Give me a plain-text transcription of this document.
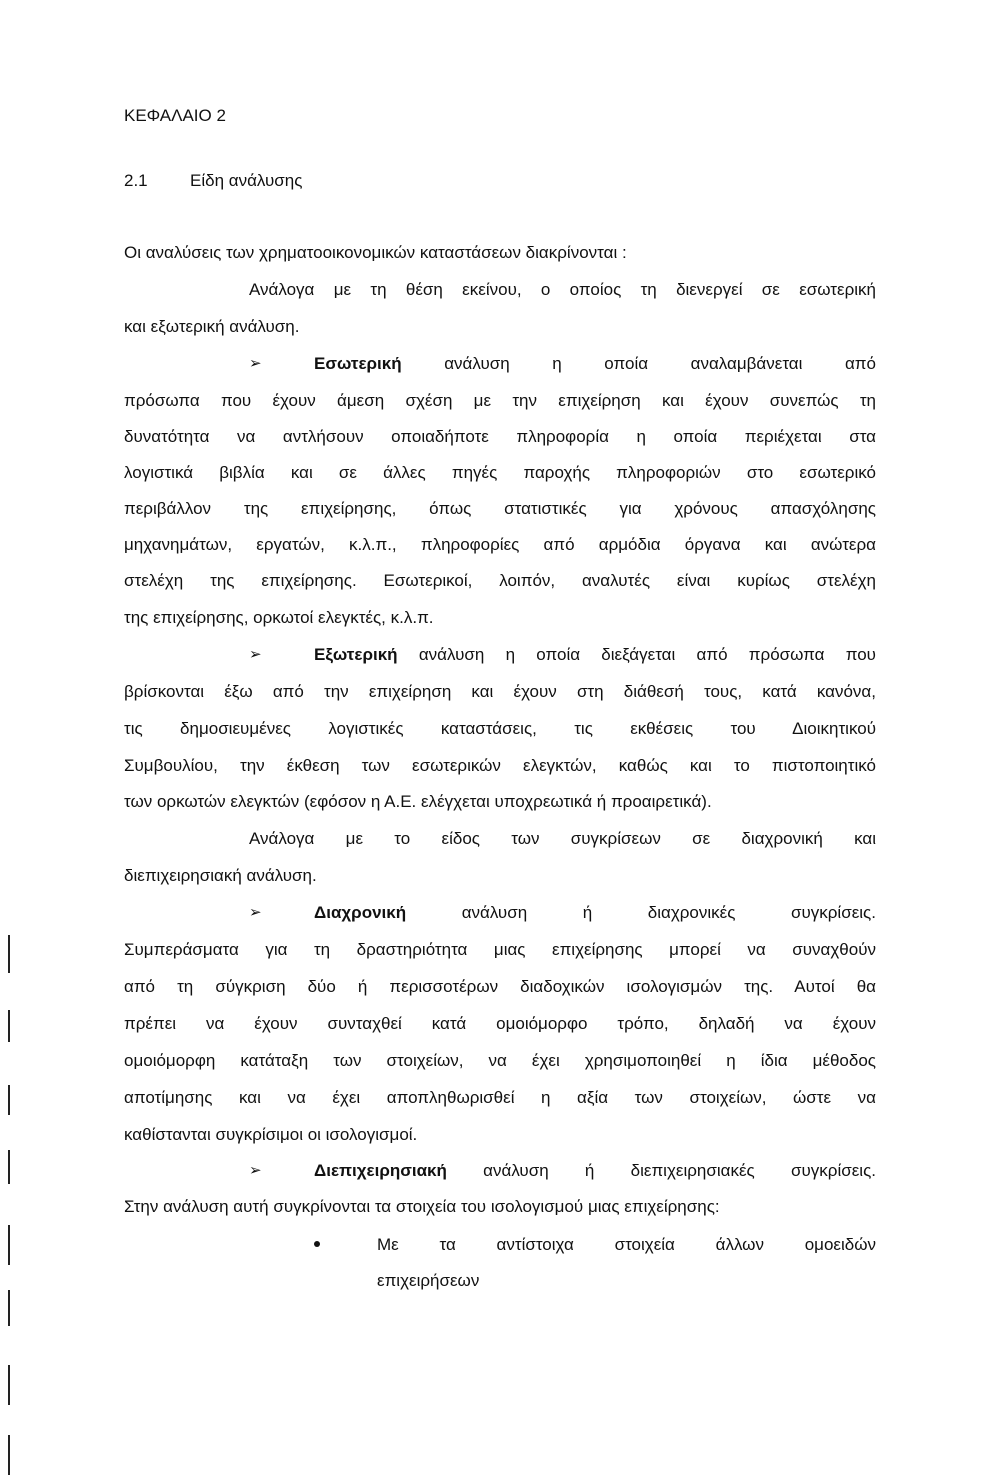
ΚΕΦΑΛΑΙΟ 2
2.1 Είδη ανάλυσης
Οι αναλύσεις των χρηματοοικονομικών καταστάσεων διακρίνονται :
Ανάλογα με τη θέση εκείνου, ο οποίος τη διενεργεί σε εσωτερική
και εξωτερική ανάλυση.
➢	Εσωτερική	ανάλυση η οποία αναλαμβάνεται από
πρόσωπα που έχουν άμεση σχέση με την επιχείρηση και έχουν συνεπώς τη
δυνατότητα να αντλήσουν οποιαδήποτε πληροφορία η οποία περιέχεται στα
λογιστικά βιβλία και σε άλλες πηγές παροχής πληροφοριών στο εσωτερικό
περιβάλλον της επιχείρησης, όπως στατιστικές για χρόνους απασχόλησης
μηχανημάτων, εργατών, κ.λ.π., πληροφορίες από αρμόδια όργανα και ανώτερα
στελέχη της επιχείρησης. Εσωτερικοί, λοιπόν, αναλυτές είναι κυρίως στελέχη
της επιχείρησης, ορκωτοί ελεγκτές, κ.λ.π.
➢	Εξωτερική ανάλυση η οποία διεξάγεται από πρόσωπα που
βρίσκονται έξω από την επιχείρηση και έχουν στη διάθεσή τους, κατά κανόνα,
τις δημοσιευμένες λογιστικές καταστάσεις, τις εκθέσεις του Διοικητικού
Συμβουλίου, την έκθεση των εσωτερικών ελεγκτών, καθώς και το πιστοποιητικό
των ορκωτών ελεγκτών (εφόσον η Α.Ε. ελέγχεται υποχρεωτικά ή προαιρετικά).
Ανάλογα με το είδος των συγκρίσεων σε διαχρονική και
διεπιχειρησιακή ανάλυση.
➢	Διαχρονική	ανάλυση ή διαχρονικές συγκρίσεις.
Συμπεράσματα για τη δραστηριότητα μιας επιχείρησης μπορεί να συναχθούν
από τη σύγκριση δύο ή περισσοτέρων διαδοχικών ισολογισμών της. Αυτοί θα
πρέπει να έχουν συνταχθεί κατά ομοιόμορφο τρόπο, δηλαδή να έχουν
ομοιόμορφη κατάταξη των στοιχείων, να έχει χρησιμοποιηθεί η ίδια μέθοδος
αποτίμησης και να έχει αποπληθωρισθεί η αξία των στοιχείων, ώστε να
καθίστανται συγκρίσιμοι οι ισολογισμοί.
➢	Διεπιχειρησιακή ανάλυση ή διεπιχειρησιακές συγκρίσεις.
Στην ανάλυση αυτή συγκρίνονται τα στοιχεία του ισολογισμού μιας επιχείρησης:
Με τα αντίστοιχα στοιχεία άλλων ομοειδών
επιχειρήσεων
